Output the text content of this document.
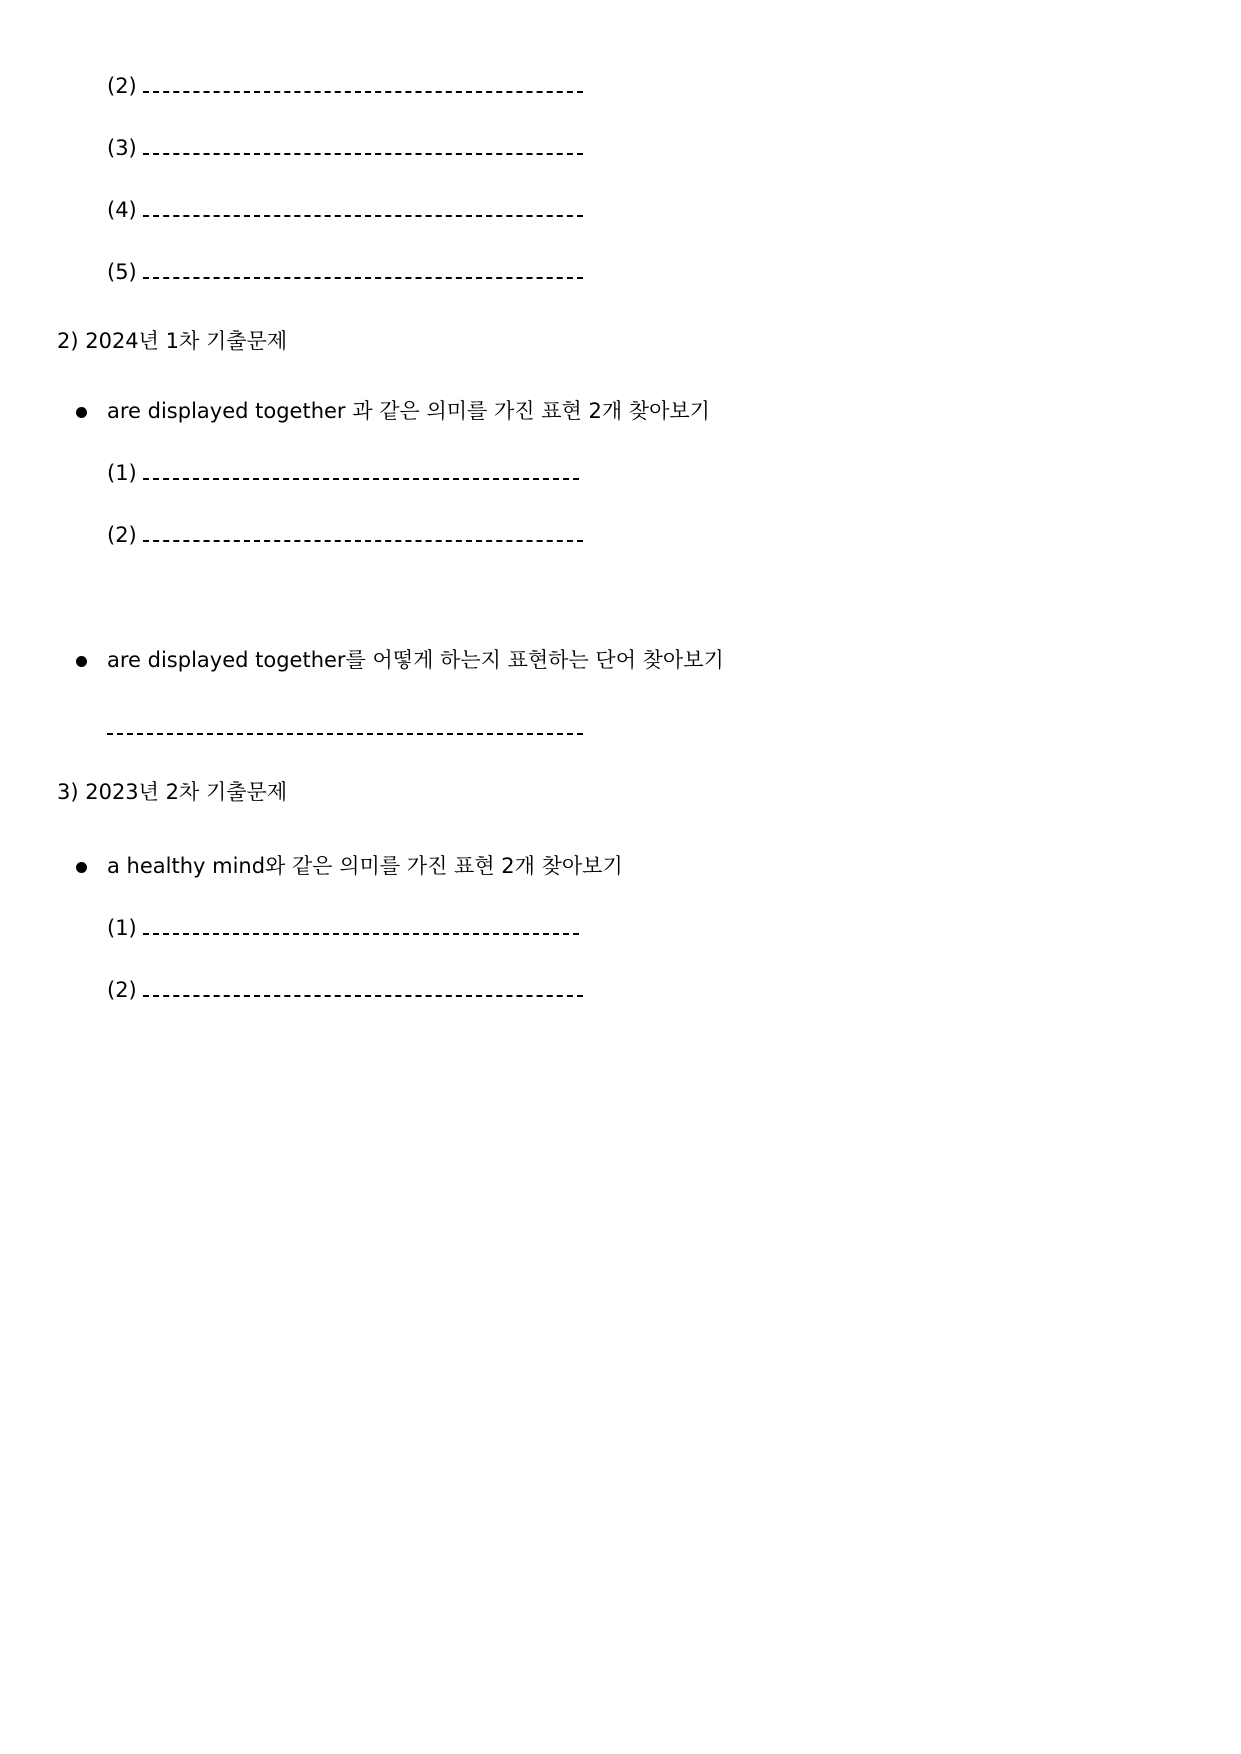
(2)
(3)
(4)
(5)
2) 2024년 1차 기출문제
are displayed together 과 같은 의미를 가진 표현 2개 찾아보기
(1)
(2)
are displayed together를 어떻게 하는지 표현하는 단어 찾아보기
3) 2023년 2차 기출문제
a healthy mind와 같은 의미를 가진 표현 2개 찾아보기
(1)
(2)
